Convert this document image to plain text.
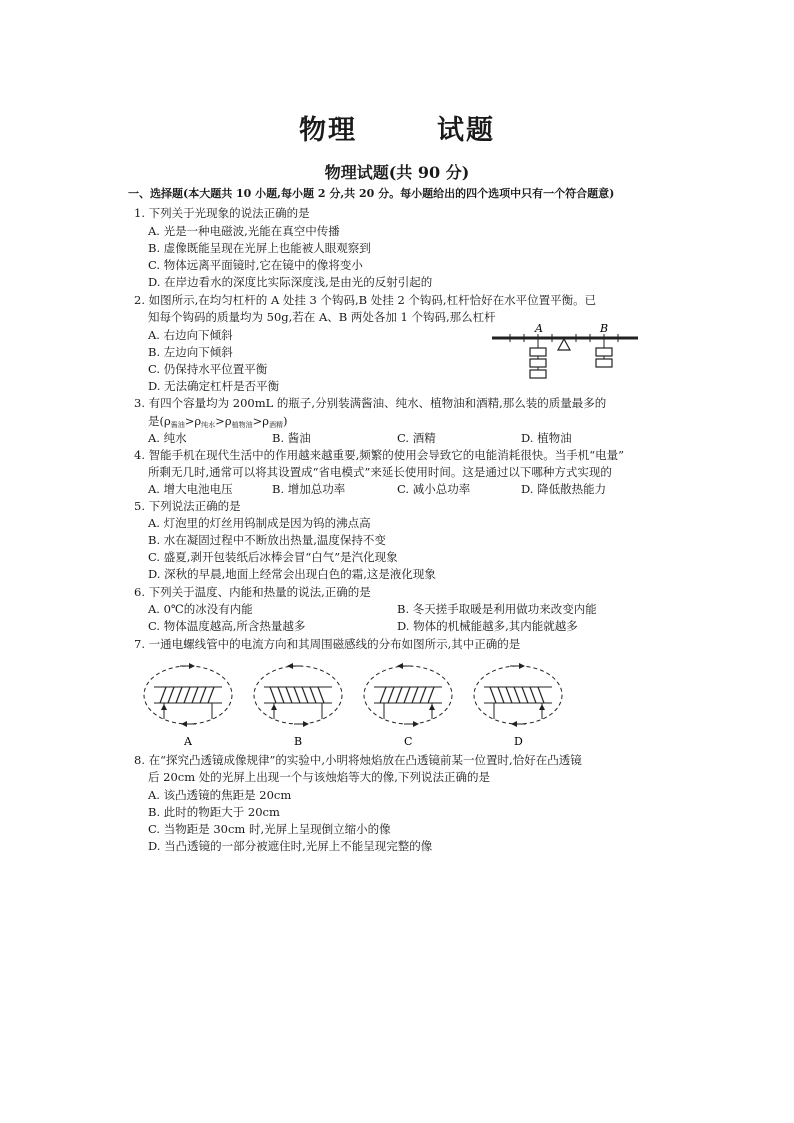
物理	试题
物理试题(共 90 分)
一、选择题(本大题共 10 小题,每小题 2 分,共 20 分。每小题给出的四个选项中只有一个符合题意)
1. 下列关于光现象的说法正确的是
A. 光是一种电磁波,光能在真空中传播
B. 虚像既能呈现在光屏上也能被人眼观察到
C. 物体远离平面镜时,它在镜中的像将变小
D. 在岸边看水的深度比实际深度浅,是由光的反射引起的
2. 如图所示,在均匀杠杆的 A 处挂 3 个钩码,B 处挂 2 个钩码,杠杆恰好在水平位置平衡。已
知每个钩码的质量均为 50g,若在 A、B 两处各加 1 个钩码,那么杠杆
A. 右边向下倾斜
B. 左边向下倾斜
C. 仍保持水平位置平衡
D. 无法确定杠杆是否平衡
A	B
3. 有四个容量均为 200mL 的瓶子,分别装满酱油、纯水、植物油和酒精,那么装的质量最多的
是$(\rho_{酱油}>\rho_{纯水}>\rho_{植物油}>\rho_{酒精})$
A. 纯水	B. 酱油	C. 酒精	D. 植物油
4. 智能手机在现代生活中的作用越来越重要,频繁的使用会导致它的电能消耗很快。当手机“电量”
所剩无几时,通常可以将其设置成“省电模式”来延长使用时间。这是通过以下哪种方式实现的
A. 增大电池电压	B. 增加总功率	C. 减小总功率	D. 降低散热能力
5. 下列说法正确的是
A. 灯泡里的灯丝用钨制成是因为钨的沸点高
B. 水在凝固过程中不断放出热量,温度保持不变
C. 盛夏,剥开包装纸后冰棒会冒“白气”是汽化现象
D. 深秋的早晨,地面上经常会出现白色的霜,这是液化现象
6. 下列关于温度、内能和热量的说法,正确的是
A. 0℃的冰没有内能	B. 冬天搓手取暖是利用做功来改变内能
C. 物体温度越高,所含热量越多	D. 物体的机械能越多,其内能就越多
7. 一通电螺线管中的电流方向和其周围磁感线的分布如图所示,其中正确的是
A	B	C	D
8. 在“探究凸透镜成像规律”的实验中,小明将烛焰放在凸透镜前某一位置时,恰好在凸透镜
后 20cm 处的光屏上出现一个与该烛焰等大的像,下列说法正确的是
A. 该凸透镜的焦距是 20cm
B. 此时的物距大于 20cm
C. 当物距是 30cm 时,光屏上呈现倒立缩小的像
D. 当凸透镜的一部分被遮住时,光屏上不能呈现完整的像
